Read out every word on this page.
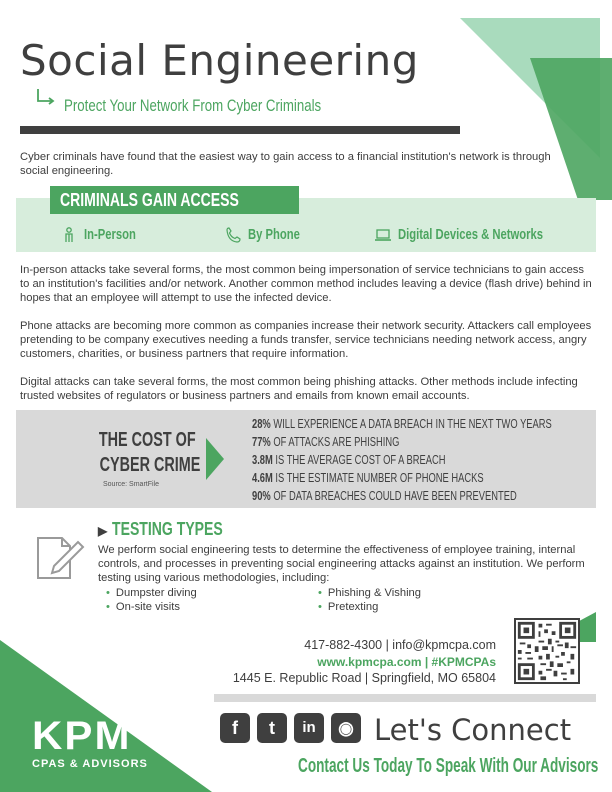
Social Engineering
Protect Your Network From Cyber Criminals

Cyber criminals have found that the easiest way to gain access to a financial institution's network is through social engineering.

CRIMINALS GAIN ACCESS
In-Person	By Phone	Digital Devices & Networks

In-person attacks take several forms, the most common being impersonation of service technicians to gain access to an institution's facilities and/or network. Another common method includes leaving a device (flash drive) behind in hopes that an employee will attempt to use the infected device.

Phone attacks are becoming more common as companies increase their network security. Attackers call employees pretending to be company executives needing a funds transfer, service technicians needing network access, angry customers, charities, or business partners that require information.

Digital attacks can take several forms, the most common being phishing attacks. Other methods include infecting trusted websites of regulators or business partners and emails from known email accounts.

THE COST OF
CYBER CRIME
Source: SmartFile
28% WILL EXPERIENCE A DATA BREACH IN THE NEXT TWO YEARS
77% OF ATTACKS ARE PHISHING
3.8M IS THE AVERAGE COST OF A BREACH
4.6M IS THE ESTIMATE NUMBER OF PHONE HACKS
90% OF DATA BREACHES COULD HAVE BEEN PREVENTED
▶ TESTING TYPES

We perform social engineering tests to determine the effectiveness of employee training, internal controls, and processes in preventing social engineering attacks against an institution. We perform testing using various methodologies, including:

• Dumpster diving
• On-site visits
• Phishing & Vishing
• Pretexting
417-882-4300 | info@kpmcpa.com
www.kpmcpa.com | #KPMCPAs
1445 E. Republic Road | Springfield, MO 65804
KPM
CPAS & ADVISORS
f	t	in	◉ Let's Connect
Contact Us Today To Speak With Our Advisors
